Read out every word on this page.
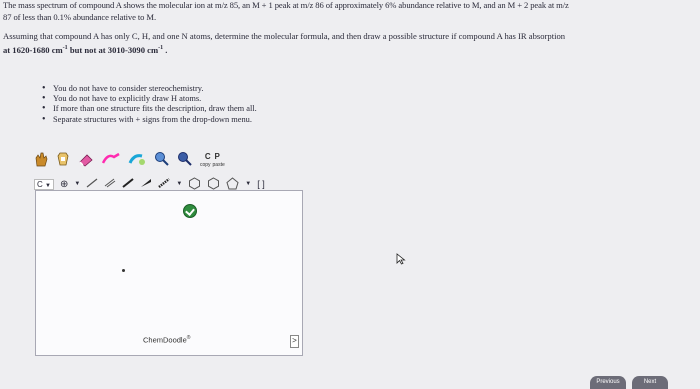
The mass spectrum of compound A shows the molecular ion at m/z 85, an M + 1 peak at m/z 86 of approximately 6% abundance relative to M, and an M + 2 peak at m/z
87 of less than 0.1% abundance relative to M.
Assuming that compound A has only C, H, and one N atoms, determine the molecular formula, and then draw a possible structure if compound A has IR absorption
at 1620-1680 $cm^{-1}$ but not at 3010-3090 $cm^{-1}$ .
• You do not have to consider stereochemistry.
• You do not have to explicitly draw H atoms.
• If more than one structure fits the description, draw them all.
• Separate structures with + signs from the drop-down menu.
C P
copy paste
C ▼ ⊕ ▼	▼	▼ [ ]
ChemDoodle®	>
Previous	Next
